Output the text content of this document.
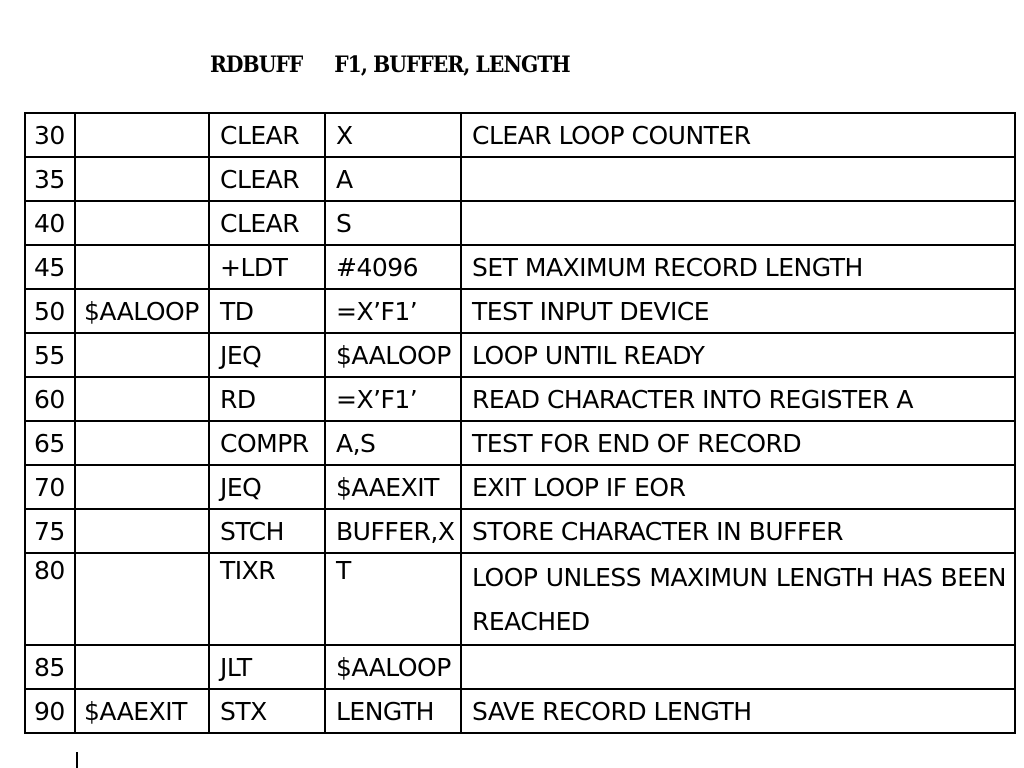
RDBUFF	F1, BUFFER, LENGTH
30		CLEAR	X	CLEAR LOOP COUNTER
35		CLEAR	A	
40		CLEAR	S	
45		+LDT	#4096	SET MAXIMUM RECORD LENGTH
50	$AALOOP	TD	=X’F1’	TEST INPUT DEVICE
55		JEQ	$AALOOP	LOOP UNTIL READY
60		RD	=X’F1’	READ CHARACTER INTO REGISTER A
65		COMPR	A,S	TEST FOR END OF RECORD
70		JEQ	$AAEXIT	EXIT LOOP IF EOR
75		STCH	BUFFER,X	STORE CHARACTER IN BUFFER
80		TIXR	T	LOOP UNLESS MAXIMUN LENGTH HAS BEEN REACHED
85		JLT	$AALOOP	
90	$AAEXIT	STX	LENGTH	SAVE RECORD LENGTH
